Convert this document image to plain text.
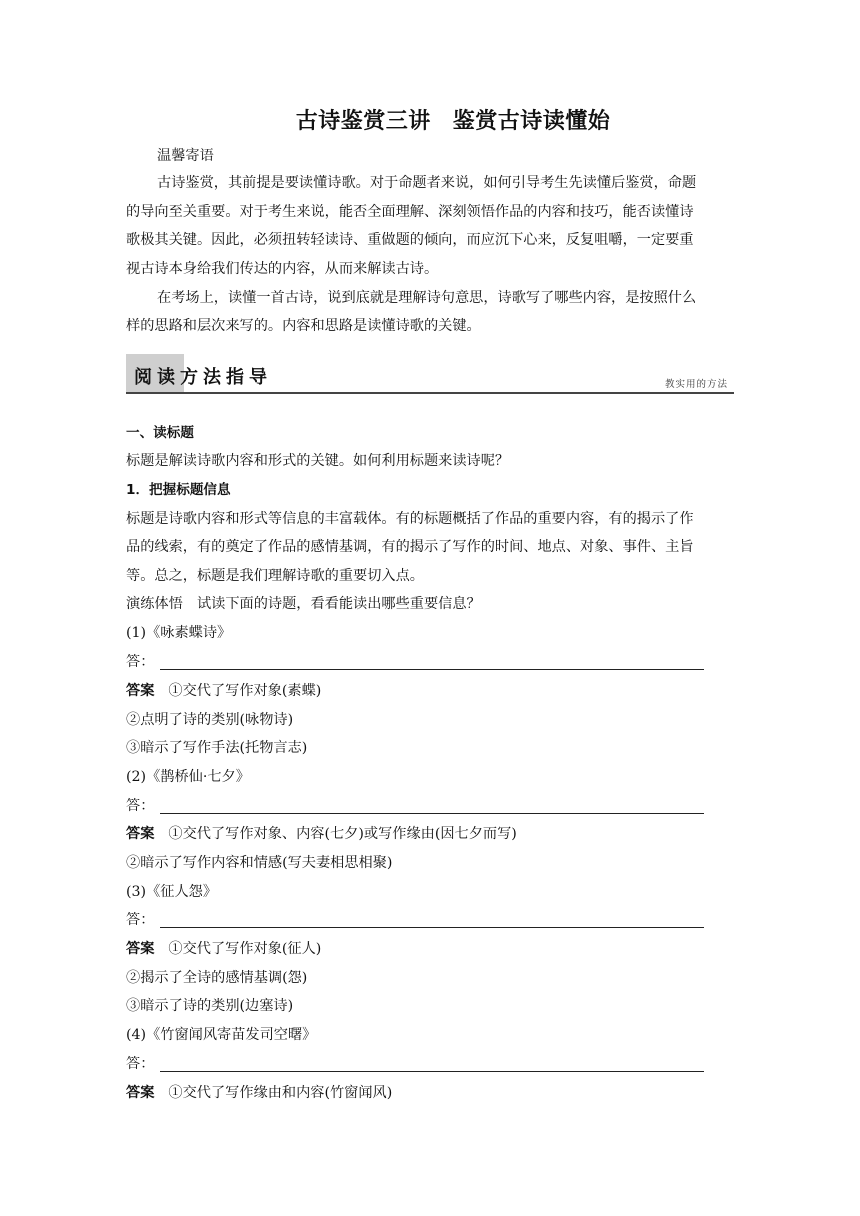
古诗鉴赏三讲 鉴赏古诗读懂始
温馨寄语
古诗鉴赏，其前提是要读懂诗歌。对于命题者来说，如何引导考生先读懂后鉴赏，命题
的导向至关重要。对于考生来说，能否全面理解、深刻领悟作品的内容和技巧，能否读懂诗
歌极其关键。因此，必须扭转轻读诗、重做题的倾向，而应沉下心来，反复咀嚼，一定要重
视古诗本身给我们传达的内容，从而来解读古诗。
在考场上，读懂一首古诗，说到底就是理解诗句意思，诗歌写了哪些内容，是按照什么
样的思路和层次来写的。内容和思路是读懂诗歌的关键。
阅读方法指导	教实用的方法
一、读标题
标题是解读诗歌内容和形式的关键。如何利用标题来读诗呢？
1．把握标题信息
标题是诗歌内容和形式等信息的丰富载体。有的标题概括了作品的重要内容，有的揭示了作
品的线索，有的奠定了作品的感情基调，有的揭示了写作的时间、地点、对象、事件、主旨
等。总之，标题是我们理解诗歌的重要切入点。
演练体悟　试读下面的诗题，看看能读出哪些重要信息？
(1)《咏素蝶诗》
答：
答案 ①交代了写作对象(素蝶)
②点明了诗的类别(咏物诗)
③暗示了写作手法(托物言志)
(2)《鹊桥仙·七夕》
答：
答案 ①交代了写作对象、内容(七夕)或写作缘由(因七夕而写)
②暗示了写作内容和情感(写夫妻相思相聚)
(3)《征人怨》
答：
答案 ①交代了写作对象(征人)
②揭示了全诗的感情基调(怨)
③暗示了诗的类别(边塞诗)
(4)《竹窗闻风寄苗发司空曙》
答：
答案 ①交代了写作缘由和内容(竹窗闻风)
